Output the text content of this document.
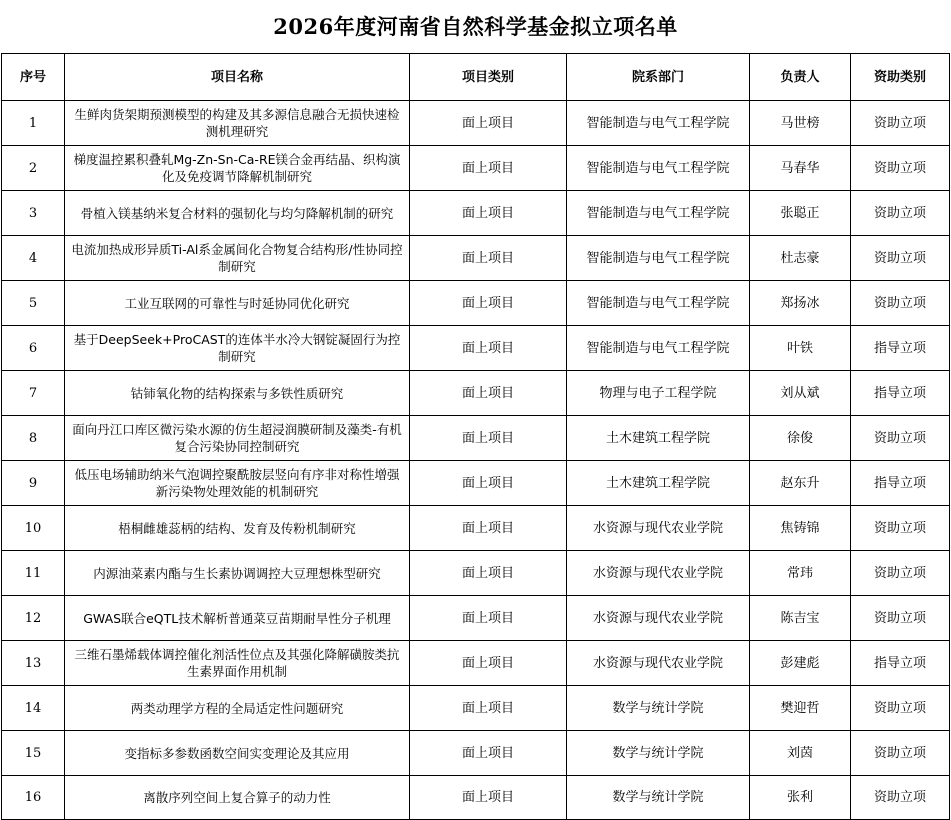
2026年度河南省自然科学基金拟立项名单
序号	项目名称	项目类别	院系部门	负责人	资助类别
1	生鲜肉货架期预测模型的构建及其多源信息融合无损快速检测机理研究	面上项目	智能制造与电气工程学院	马世榜	资助立项
2	梯度温控累积叠轧Mg-Zn-Sn-Ca-RE镁合金再结晶、织构演化及免疫调节降解机制研究	面上项目	智能制造与电气工程学院	马春华	资助立项
3	骨植入镁基纳米复合材料的强韧化与均匀降解机制的研究	面上项目	智能制造与电气工程学院	张聪正	资助立项
4	电流加热成形异质Ti-Al系金属间化合物复合结构形/性协同控制研究	面上项目	智能制造与电气工程学院	杜志豪	资助立项
5	工业互联网的可靠性与时延协同优化研究	面上项目	智能制造与电气工程学院	郑扬冰	资助立项
6	基于DeepSeek+ProCAST的连体半水冷大钢锭凝固行为控制研究	面上项目	智能制造与电气工程学院	叶铁	指导立项
7	钴铈氧化物的结构探索与多铁性质研究	面上项目	物理与电子工程学院	刘从斌	指导立项
8	面向丹江口库区微污染水源的仿生超浸润膜研制及藻类-有机复合污染协同控制研究	面上项目	土木建筑工程学院	徐俊	资助立项
9	低压电场辅助纳米气泡调控聚酰胺层竖向有序非对称性增强新污染物处理效能的机制研究	面上项目	土木建筑工程学院	赵东升	指导立项
10	梧桐雌雄蕊柄的结构、发育及传粉机制研究	面上项目	水资源与现代农业学院	焦铸锦	资助立项
11	内源油菜素内酯与生长素协调调控大豆理想株型研究	面上项目	水资源与现代农业学院	常玮	资助立项
12	GWAS联合eQTL技术解析普通菜豆苗期耐旱性分子机理	面上项目	水资源与现代农业学院	陈吉宝	资助立项
13	三维石墨烯载体调控催化剂活性位点及其强化降解磺胺类抗生素界面作用机制	面上项目	水资源与现代农业学院	彭建彪	指导立项
14	两类动理学方程的全局适定性问题研究	面上项目	数学与统计学院	樊迎哲	资助立项
15	变指标多参数函数空间实变理论及其应用	面上项目	数学与统计学院	刘茵	资助立项
16	离散序列空间上复合算子的动力性	面上项目	数学与统计学院	张利	资助立项
